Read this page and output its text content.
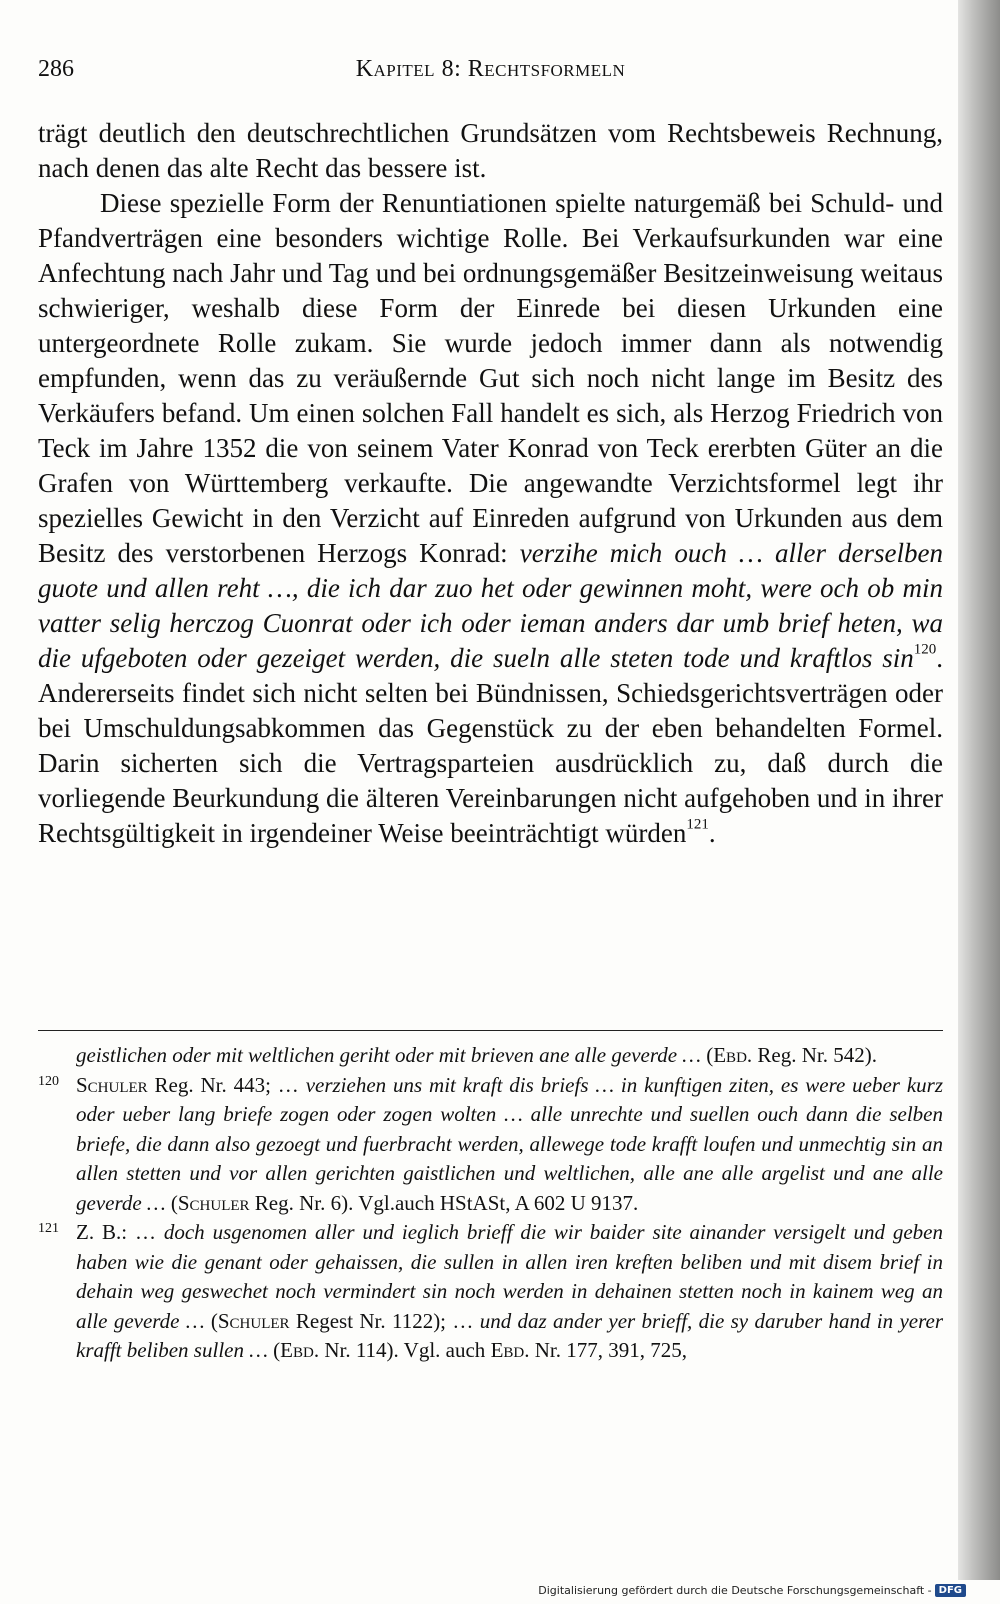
286	Kapitel 8: Rechtsformeln

trägt deutlich den deutschrechtlichen Grundsätzen vom Rechtsbeweis Rechnung, nach denen das alte Recht das bessere ist.

Diese spezielle Form der Renuntiationen spielte naturgemäß bei Schuld- und Pfandverträgen eine besonders wichtige Rolle. Bei Verkaufsurkunden war eine Anfechtung nach Jahr und Tag und bei ordnungsgemäßer Besitzeinweisung weitaus schwieriger, weshalb diese Form der Einrede bei diesen Urkunden eine untergeordnete Rolle zukam. Sie wurde jedoch immer dann als notwendig empfunden, wenn das zu veräußernde Gut sich noch nicht lange im Besitz des Verkäufers befand. Um einen solchen Fall handelt es sich, als Herzog Friedrich von Teck im Jahre 1352 die von seinem Vater Konrad von Teck ererbten Güter an die Grafen von Württemberg verkaufte. Die angewandte Verzichtsformel legt ihr spezielles Gewicht in den Verzicht auf Einreden aufgrund von Urkunden aus dem Besitz des verstorbenen Herzogs Konrad: verzihe mich ouch … aller derselben guote und allen reht …, die ich dar zuo het oder gewinnen moht, were och ob min vatter selig herczog Cuonrat oder ich oder ieman anders dar umb brief heten, wa die ufgeboten oder gezeiget werden, die sueln alle steten tode und kraftlos $\sin^{120}$. Andererseits findet sich nicht selten bei Bündnissen, Schiedsgerichtsverträgen oder bei Umschuldungsabkommen das Gegenstück zu der eben behandelten Formel. Darin sicherten sich die Vertragsparteien ausdrücklich zu, daß durch die vorliegende Beurkundung die älteren Vereinbarungen nicht aufgehoben und in ihrer Rechtsgültigkeit in irgendeiner Weise beeinträchtigt würden$^{121}$.

geistlichen oder mit weltlichen geriht oder mit brieven ane alle geverde … (Ebd. Reg. Nr. 542).

120 Schuler Reg. Nr. 443; … verziehen uns mit kraft dis briefs … in kunftigen ziten, es were ueber kurz oder ueber lang briefe zogen oder zogen wolten … alle unrechte und suellen ouch dann die selben briefe, die dann also gezoegt und fuerbracht werden, allewege tode krafft loufen und unmechtig sin an allen stetten und vor allen gerichten gaistlichen und weltlichen, alle ane alle argelist und ane alle geverde … (Schuler Reg. Nr. 6). Vgl.auch HStASt, A 602 U 9137.

121 Z. B.: … doch usgenomen aller und ieglich brieff die wir baider site ainander versigelt und geben haben wie die genant oder gehaissen, die sullen in allen iren kreften beliben und mit disem brief in dehain weg geswechet noch vermindert sin noch werden in dehainen stetten noch in kainem weg an alle geverde … (Schuler Regest Nr. 1122); … und daz ander yer brieff, die sy daruber hand in yerer krafft beliben sullen … (Ebd. Nr. 114). Vgl. auch Ebd. Nr. 177, 391, 725,

Digitalisierung gefördert durch die Deutsche Forschungsgemeinschaft - DFG
